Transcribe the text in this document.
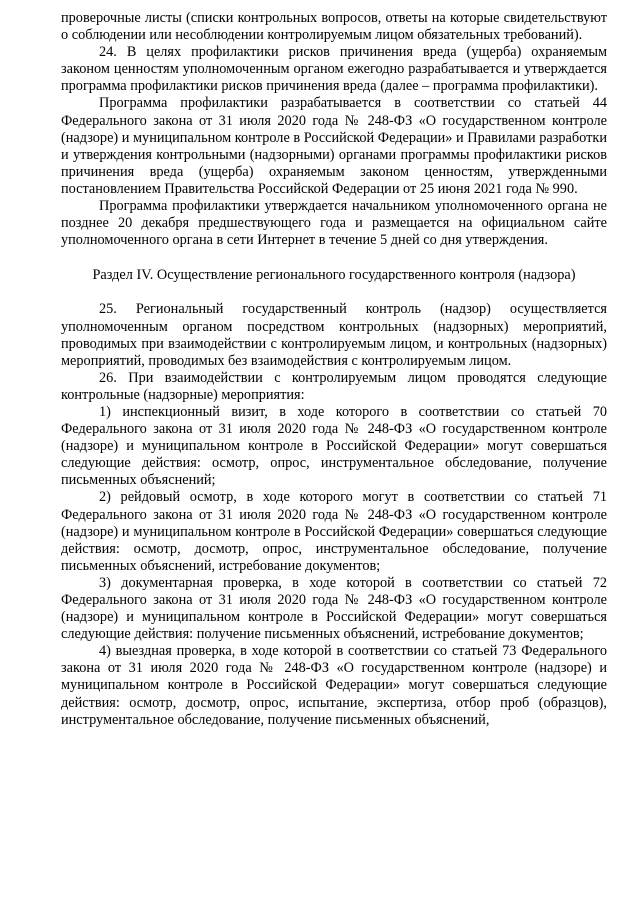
проверочные листы (списки контрольных вопросов, ответы на которые свидетельствуют о соблюдении или несоблюдении контролируемым лицом обязательных требований).

24. В целях профилактики рисков причинения вреда (ущерба) охраняемым законом ценностям уполномоченным органом ежегодно разрабатывается и утверждается программа профилактики рисков причинения вреда (далее – программа профилактики).

Программа профилактики разрабатывается в соответствии со статьей 44 Федерального закона от 31 июля 2020 года № 248-ФЗ «О государственном контроле (надзоре) и муниципальном контроле в Российской Федерации» и Правилами разработки и утверждения контрольными (надзорными) органами программы профилактики рисков причинения вреда (ущерба) охраняемым законом ценностям, утвержденными постановлением Правительства Российской Федерации от 25 июня 2021 года № 990.

Программа профилактики утверждается начальником уполномоченного органа не позднее 20 декабря предшествующего года и размещается на официальном сайте уполномоченного органа в сети Интернет в течение 5 дней со дня утверждения.

Раздел IV. Осуществление регионального государственного контроля (надзора)

25. Региональный государственный контроль (надзор) осуществляется уполномоченным органом посредством контрольных (надзорных) мероприятий, проводимых при взаимодействии с контролируемым лицом, и контрольных (надзорных) мероприятий, проводимых без взаимодействия с контролируемым лицом.

26. При взаимодействии с контролируемым лицом проводятся следующие контрольные (надзорные) мероприятия:

1) инспекционный визит, в ходе которого в соответствии со статьей 70 Федерального закона от 31 июля 2020 года № 248-ФЗ «О государственном контроле (надзоре) и муниципальном контроле в Российской Федерации» могут совершаться следующие действия: осмотр, опрос, инструментальное обследование, получение письменных объяснений;

2) рейдовый осмотр, в ходе которого могут в соответствии со статьей 71 Федерального закона от 31 июля 2020 года № 248-ФЗ «О государственном контроле (надзоре) и муниципальном контроле в Российской Федерации» совершаться следующие действия: осмотр, досмотр, опрос, инструментальное обследование, получение письменных объяснений, истребование документов;

3) документарная проверка, в ходе которой в соответствии со статьей 72 Федерального закона от 31 июля 2020 года № 248-ФЗ «О государственном контроле (надзоре) и муниципальном контроле в Российской Федерации» могут совершаться следующие действия: получение письменных объяснений, истребование документов;

4) выездная проверка, в ходе которой в соответствии со статьей 73 Федерального закона от 31 июля 2020 года № 248-ФЗ «О государственном контроле (надзоре) и муниципальном контроле в Российской Федерации» могут совершаться следующие действия: осмотр, досмотр, опрос, испытание, экспертиза, отбор проб (образцов), инструментальное обследование, получение письменных объяснений,
